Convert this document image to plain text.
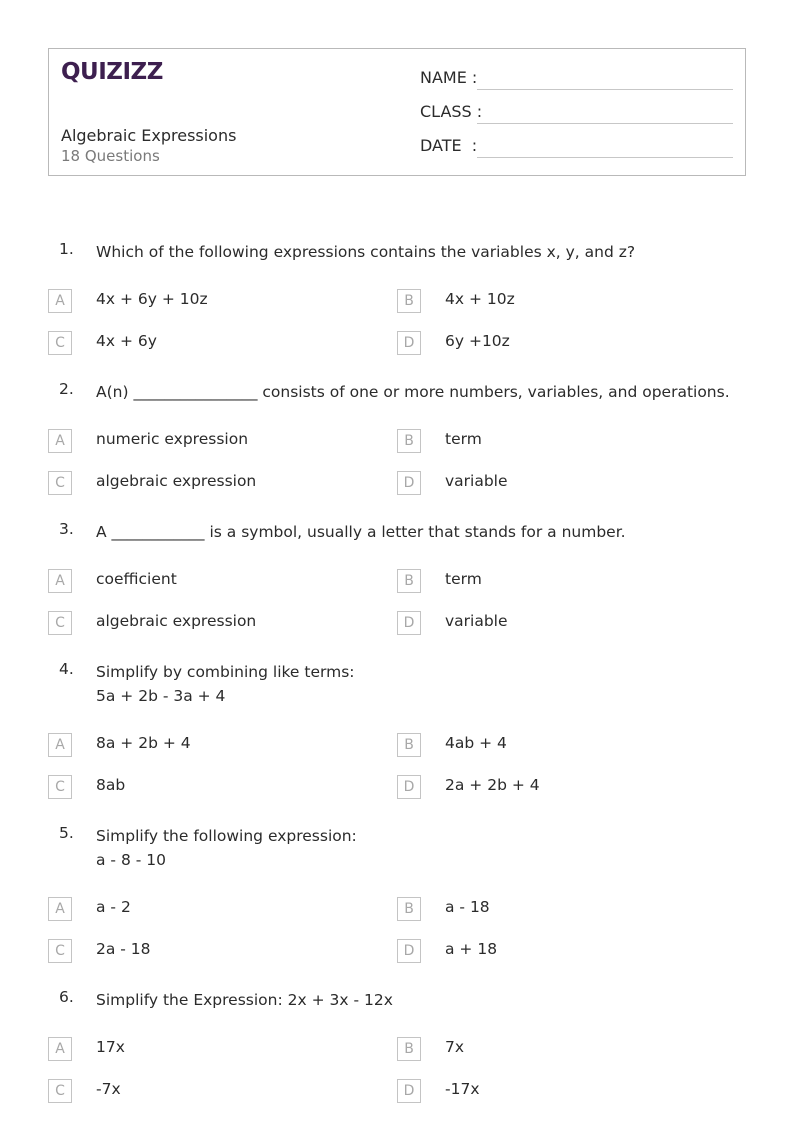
QUIZIZZ
Algebraic Expressions
18 Questions
NAME :
CLASS :
DATE  :
1. Which of the following expressions contains the variables x, y, and z?
A	4x + 6y + 10z	B	4x + 10z
C	4x + 6y	D	6y +10z
2. A(n) ________________ consists of one or more numbers, variables, and operations.
A	numeric expression	B	term
C	algebraic expression	D	variable
3. A ____________ is a symbol, usually a letter that stands for a number.
A	coefficient	B	term
C	algebraic expression	D	variable
4. Simplify by combining like terms:
5a + 2b - 3a + 4
A	8a + 2b + 4	B	4ab + 4
C	8ab	D	2a + 2b + 4
5. Simplify the following expression:
a - 8 - 10
A	a - 2	B	a - 18
C	2a - 18	D	a + 18
6. Simplify the Expression: 2x + 3x - 12x
A	17x	B	7x
C	-7x	D	-17x
